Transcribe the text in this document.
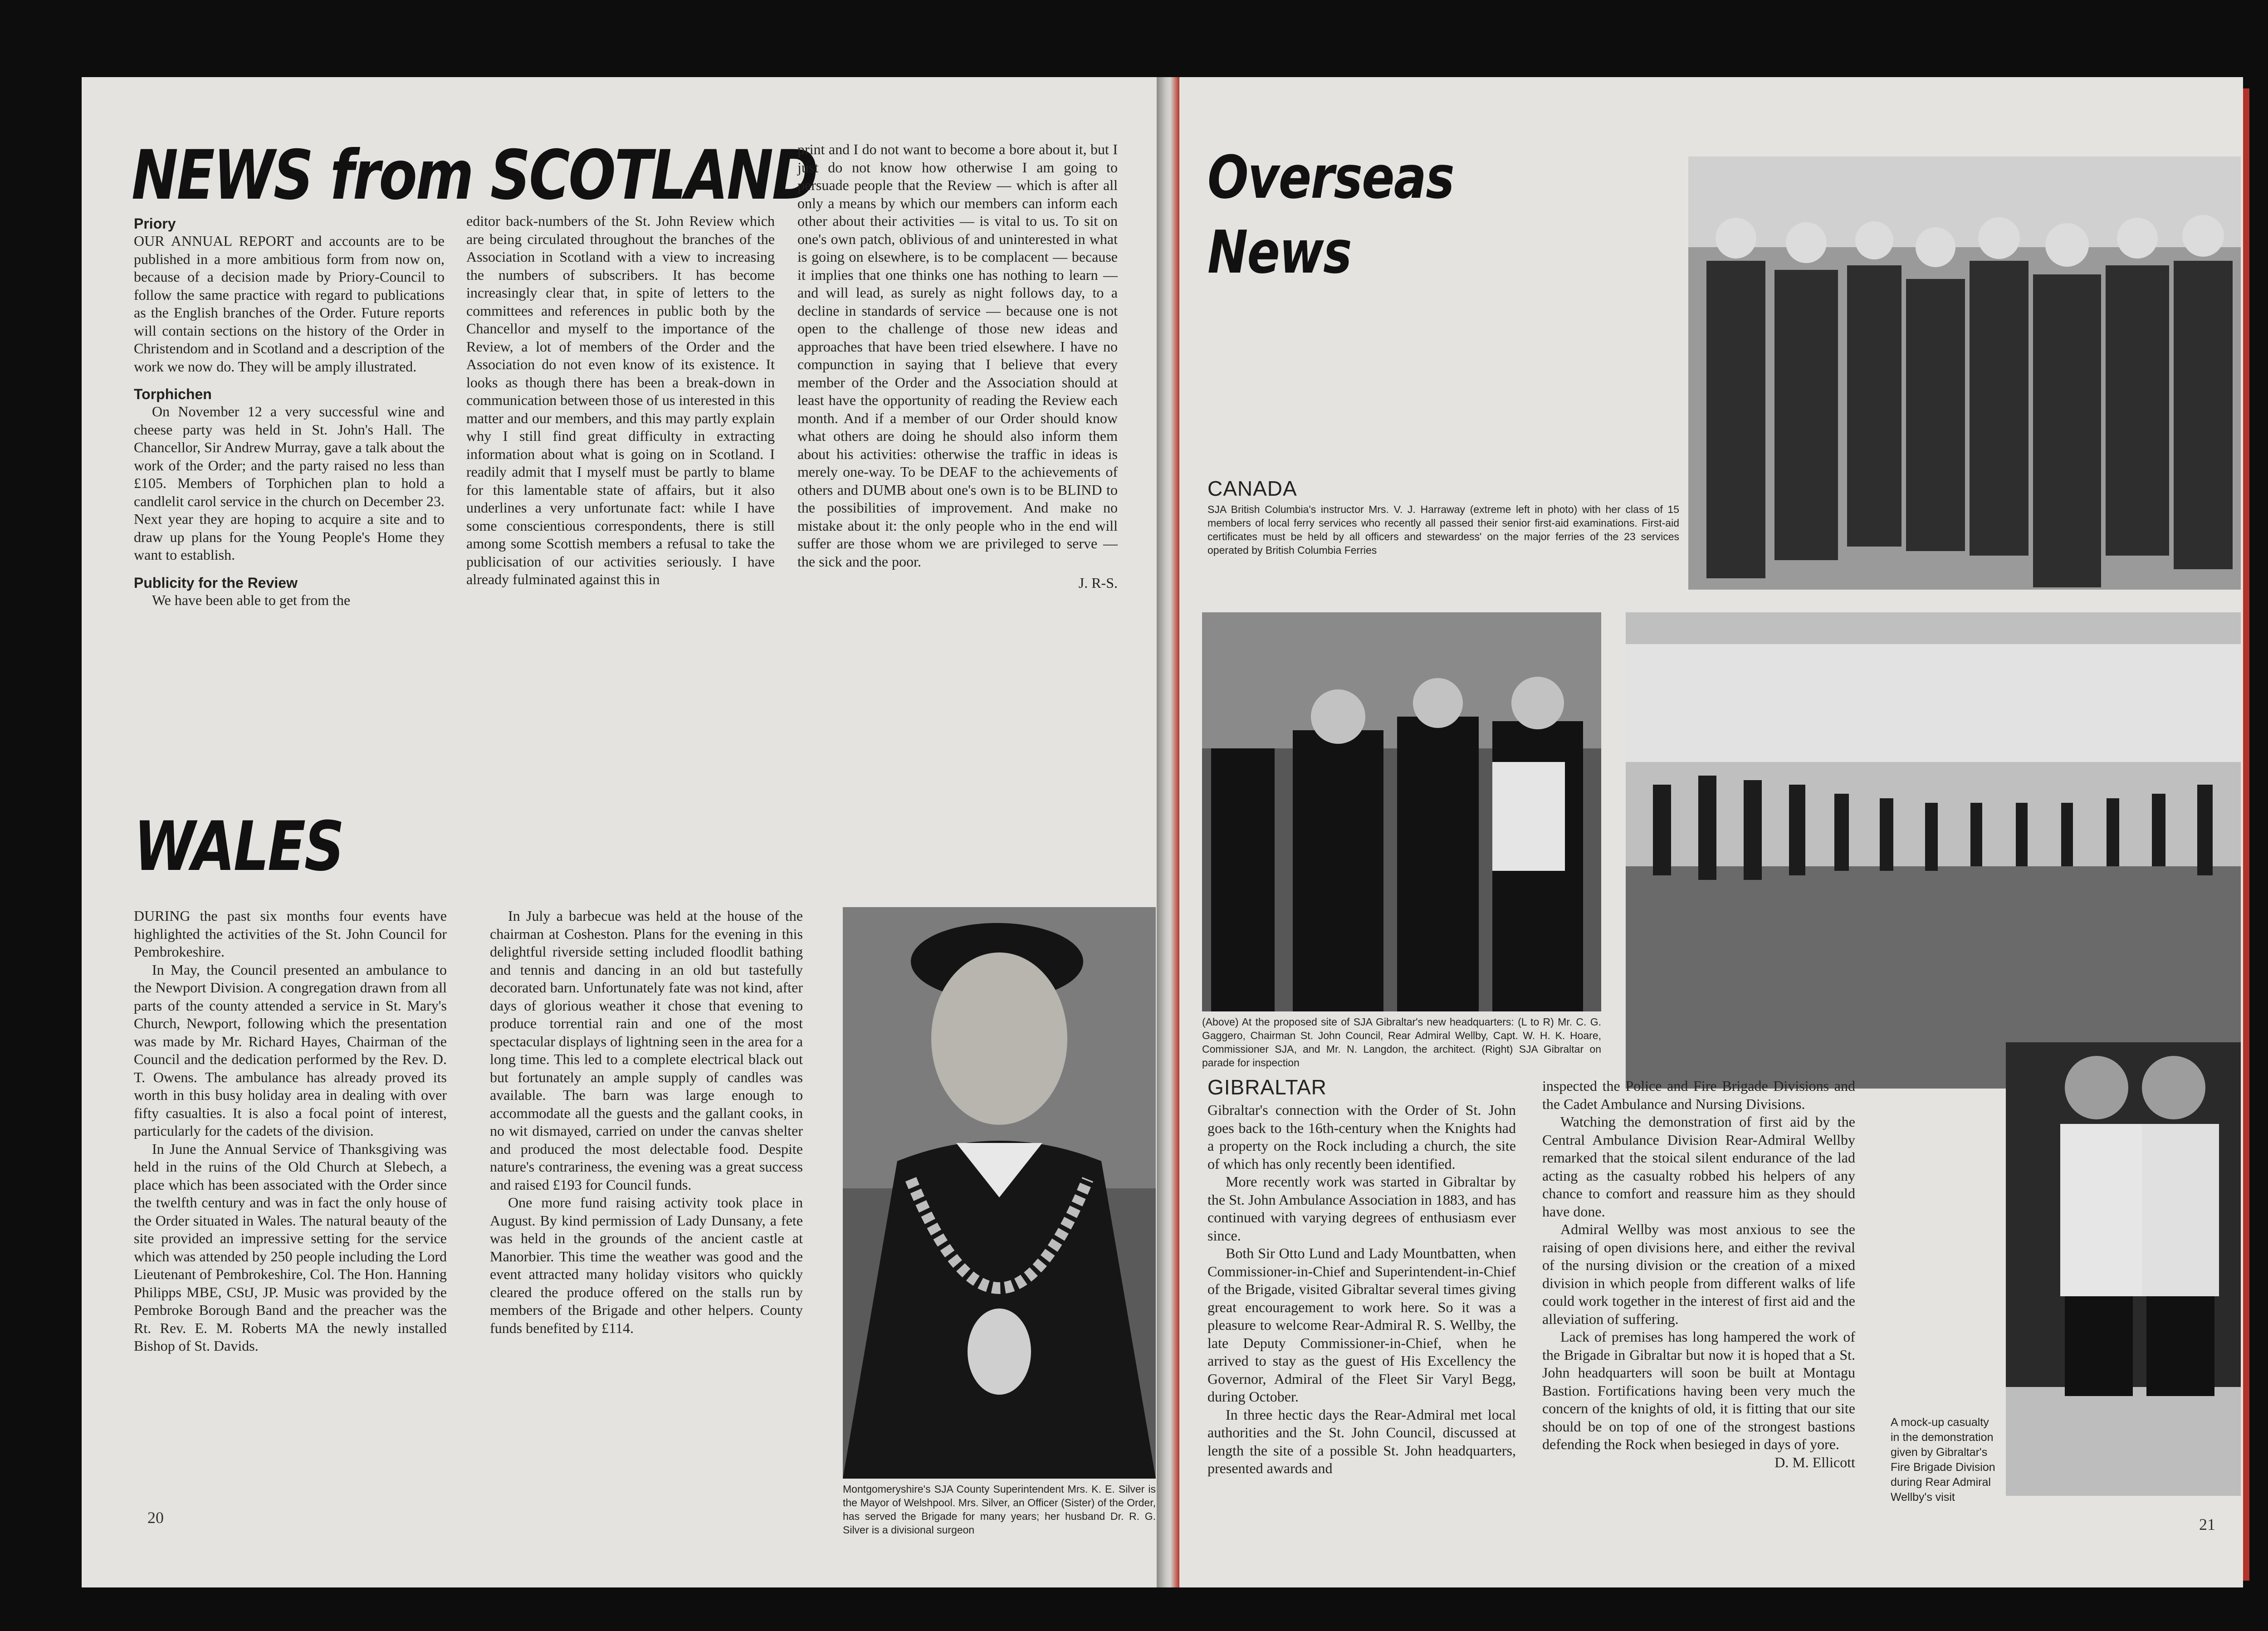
NEWS from SCOTLAND
Priory

OUR ANNUAL REPORT and accounts are to be published in a more ambitious form from now on, because of a decision made by Priory-Council to follow the same practice with regard to publications as the English branches of the Order. Future reports will contain sections on the history of the Order in Christendom and in Scotland and a description of the work we now do. They will be amply illustrated.

Torphichen

On November 12 a very successful wine and cheese party was held in St. John's Hall. The Chancellor, Sir Andrew Murray, gave a talk about the work of the Order; and the party raised no less than £105. Members of Torphichen plan to hold a candlelit carol service in the church on December 23. Next year they are hoping to acquire a site and to draw up plans for the Young People's Home they want to establish.

Publicity for the Review

We have been able to get from the

editor back-numbers of the St. John Review which are being circulated throughout the branches of the Association in Scotland with a view to increasing the numbers of subscribers. It has become increasingly clear that, in spite of letters to the committees and references in public both by the Chancellor and myself to the importance of the Review, a lot of members of the Order and the Association do not even know of its existence. It looks as though there has been a break-down in communication between those of us interested in this matter and our members, and this may partly explain why I still find great difficulty in extracting information about what is going on in Scotland. I readily admit that I myself must be partly to blame for this lamentable state of affairs, but it also underlines a very unfortunate fact: while I have some conscientious correspondents, there is still among some Scottish members a refusal to take the publicisation of our activities seriously. I have already fulminated against this in

print and I do not want to become a bore about it, but I just do not know how otherwise I am going to persuade people that the Review — which is after all only a means by which our members can inform each other about their activities — is vital to us. To sit on one's own patch, oblivious of and uninterested in what is going on elsewhere, is to be complacent — because it implies that one thinks one has nothing to learn — and will lead, as surely as night follows day, to a decline in standards of service — because one is not open to the challenge of those new ideas and approaches that have been tried elsewhere. I have no compunction in saying that I believe that every member of the Order and the Association should at least have the opportunity of reading the Review each month. And if a member of our Order should know what others are doing he should also inform them about his activities: otherwise the traffic in ideas is merely one-way. To be DEAF to the achievements of others and DUMB about one's own is to be BLIND to the possibilities of improvement. And make no mistake about it: the only people who in the end will suffer are those whom we are privileged to serve — the sick and the poor.

J. R-S.

WALES

DURING the past six months four events have highlighted the activities of the St. John Council for Pembrokeshire.

In May, the Council presented an ambulance to the Newport Division. A congregation drawn from all parts of the county attended a service in St. Mary's Church, Newport, following which the presentation was made by Mr. Richard Hayes, Chairman of the Council and the dedication performed by the Rev. D. T. Owens. The ambulance has already proved its worth in this busy holiday area in dealing with over fifty casualties. It is also a focal point of interest, particularly for the cadets of the division.

In June the Annual Service of Thanksgiving was held in the ruins of the Old Church at Slebech, a place which has been associated with the Order since the twelfth century and was in fact the only house of the Order situated in Wales. The natural beauty of the site provided an impressive setting for the service which was attended by 250 people including the Lord Lieutenant of Pembrokeshire, Col. The Hon. Hanning Philipps MBE, CStJ, JP. Music was provided by the Pembroke Borough Band and the preacher was the Rt. Rev. E. M. Roberts MA the newly installed Bishop of St. Davids.

In July a barbecue was held at the house of the chairman at Cosheston. Plans for the evening in this delightful riverside setting included floodlit bathing and tennis and dancing in an old but tastefully decorated barn. Unfortunately fate was not kind, after days of glorious weather it chose that evening to produce torrential rain and one of the most spectacular displays of lightning seen in the area for a long time. This led to a complete electrical black out but fortunately an ample supply of candles was available. The barn was large enough to accommodate all the guests and the gallant cooks, in no wit dismayed, carried on under the canvas shelter and produced the most delectable food. Despite nature's contrariness, the evening was a great success and raised £193 for Council funds.

One more fund raising activity took place in August. By kind permission of Lady Dunsany, a fete was held in the grounds of the ancient castle at Manorbier. This time the weather was good and the event attracted many holiday visitors who quickly cleared the produce offered on the stalls run by members of the Brigade and other helpers. County funds benefited by £114.

Montgomeryshire's SJA County Superintendent Mrs. K. E. Silver is the Mayor of Welshpool. Mrs. Silver, an Officer (Sister) of the Order, has served the Brigade for many years; her husband Dr. R. G. Silver is a divisional surgeon
20
Overseas
News
CANADA
SJA British Columbia's instructor Mrs. V. J. Harraway (extreme left in photo) with her class of 15 members of local ferry services who recently all passed their senior first-aid examinations. First-aid certificates must be held by all officers and stewardess' on the major ferries of the 23 services operated by British Columbia Ferries
(Above) At the proposed site of SJA Gibraltar's new headquarters: (L to R) Mr. C. G. Gaggero, Chairman St. John Council, Rear Admiral Wellby, Capt. W. H. K. Hoare, Commissioner SJA, and Mr. N. Langdon, the architect. (Right) SJA Gibraltar on parade for inspection
GIBRALTAR

Gibraltar's connection with the Order of St. John goes back to the 16th-century when the Knights had a property on the Rock including a church, the site of which has only recently been identified.

More recently work was started in Gibraltar by the St. John Ambulance Association in 1883, and has continued with varying degrees of enthusiasm ever since.

Both Sir Otto Lund and Lady Mountbatten, when Commissioner-in-Chief and Superintendent-in-Chief of the Brigade, visited Gibraltar several times giving great encouragement to work here. So it was a pleasure to welcome Rear-Admiral R. S. Wellby, the late Deputy Commissioner-in-Chief, when he arrived to stay as the guest of His Excellency the Governor, Admiral of the Fleet Sir Varyl Begg, during October.

In three hectic days the Rear-Admiral met local authorities and the St. John Council, discussed at length the site of a possible St. John headquarters, presented awards and

inspected the Police and Fire Brigade Divisions and the Cadet Ambulance and Nursing Divisions.

Watching the demonstration of first aid by the Central Ambulance Division Rear-Admiral Wellby remarked that the stoical silent endurance of the lad acting as the casualty robbed his helpers of any chance to comfort and reassure him as they should have done.

Admiral Wellby was most anxious to see the raising of open divisions here, and either the revival of the nursing division or the creation of a mixed division in which people from different walks of life could work together in the interest of first aid and the alleviation of suffering.

Lack of premises has long hampered the work of the Brigade in Gibraltar but now it is hoped that a St. John headquarters will soon be built at Montagu Bastion. Fortifications having been very much the concern of the knights of old, it is fitting that our site should be on top of one of the strongest bastions defending the Rock when besieged in days of yore.

D. M. Ellicott

A mock-up casualty in the demonstration given by Gibraltar's Fire Brigade Division during Rear Admiral Wellby's visit
21
